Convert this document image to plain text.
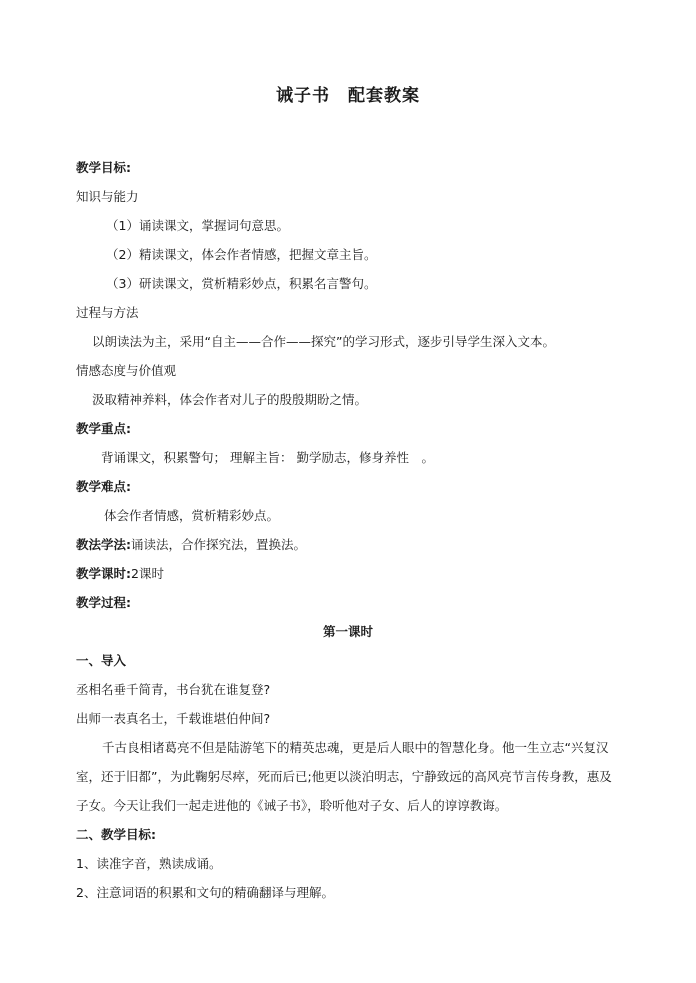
诫子书　配套教案
教学目标:
知识与能力
（1）诵读课文，掌握词句意思。
（2）精读课文，体会作者情感，把握文章主旨。
（3）研读课文，赏析精彩妙点，积累名言警句。
过程与方法
以朗读法为主，采用“自主——合作——探究”的学习形式，逐步引导学生深入文本。
情感态度与价值观
汲取精神养料，体会作者对儿子的殷殷期盼之情。
教学重点:
背诵课文，积累警句； 理解主旨： 勤学励志，修身养性　。
教学难点:
体会作者情感，赏析精彩妙点。
教法学法:诵读法，合作探究法，置换法。
教学课时:2课时
教学过程:
第一课时
一、导入
丞相名垂千简青，书台犹在谁复登?
出师一表真名士，千载谁堪伯仲间?
千古良相诸葛亮不但是陆游笔下的精英忠魂，更是后人眼中的智慧化身。他一生立志“兴复汉
室，还于旧都”，为此鞠躬尽瘁，死而后已;他更以淡泊明志，宁静致远的高风亮节言传身教，惠及
子女。今天让我们一起走进他的《诫子书》，聆听他对子女、后人的谆谆教诲。
二、教学目标:
1、读准字音，熟读成诵。
2、注意词语的积累和文句的精确翻译与理解。
